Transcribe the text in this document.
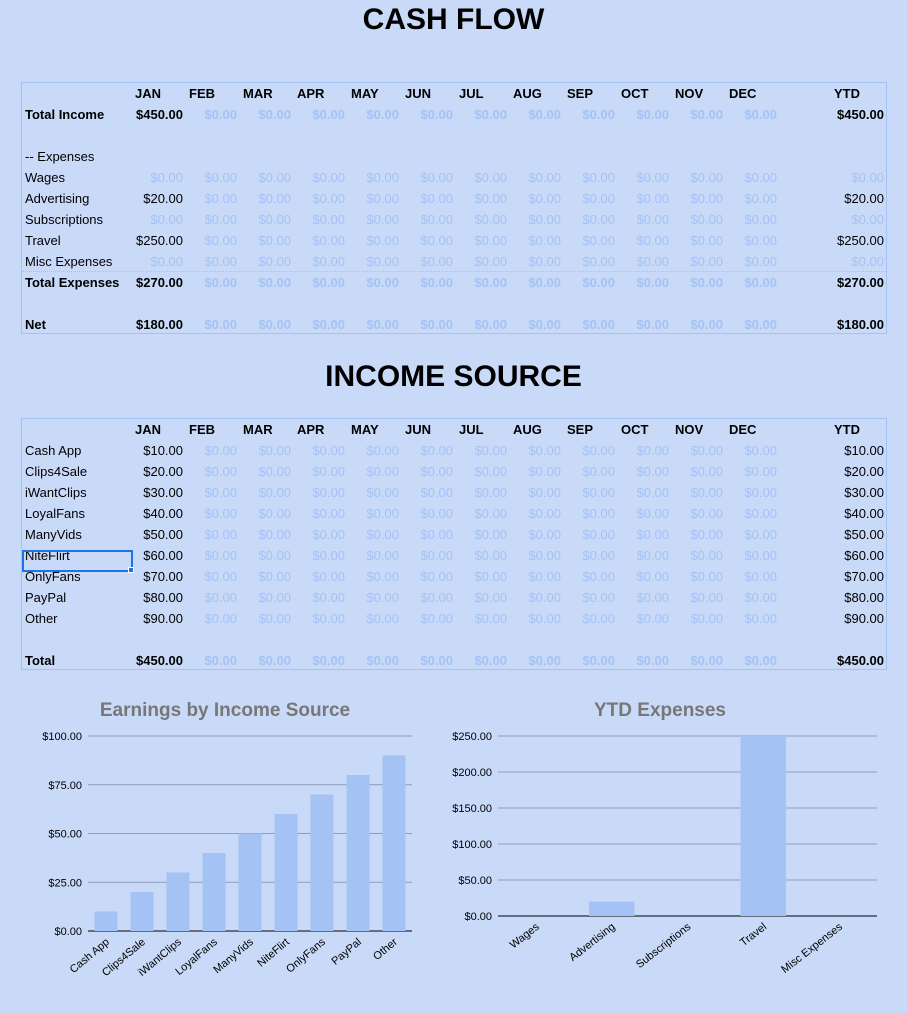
CASH FLOW
JAN	FEB	MAR	APR	MAY	JUN	JUL	AUG	SEP	OCT	NOV	DEC	YTD
Total Income	$450.00	$0.00	$0.00	$0.00	$0.00	$0.00	$0.00	$0.00	$0.00	$0.00	$0.00	$0.00	$450.00
-- Expenses
Wages	$0.00	$0.00	$0.00	$0.00	$0.00	$0.00	$0.00	$0.00	$0.00	$0.00	$0.00	$0.00	$0.00
Advertising	$20.00	$0.00	$0.00	$0.00	$0.00	$0.00	$0.00	$0.00	$0.00	$0.00	$0.00	$0.00	$20.00
Subscriptions	$0.00	$0.00	$0.00	$0.00	$0.00	$0.00	$0.00	$0.00	$0.00	$0.00	$0.00	$0.00	$0.00
Travel	$250.00	$0.00	$0.00	$0.00	$0.00	$0.00	$0.00	$0.00	$0.00	$0.00	$0.00	$0.00	$250.00
Misc Expenses	$0.00	$0.00	$0.00	$0.00	$0.00	$0.00	$0.00	$0.00	$0.00	$0.00	$0.00	$0.00	$0.00
Total Expenses	$270.00	$0.00	$0.00	$0.00	$0.00	$0.00	$0.00	$0.00	$0.00	$0.00	$0.00	$0.00	$270.00
Net	$180.00	$0.00	$0.00	$0.00	$0.00	$0.00	$0.00	$0.00	$0.00	$0.00	$0.00	$0.00	$180.00
INCOME SOURCE
JAN	FEB	MAR	APR	MAY	JUN	JUL	AUG	SEP	OCT	NOV	DEC	YTD
Cash App	$10.00	$0.00	$0.00	$0.00	$0.00	$0.00	$0.00	$0.00	$0.00	$0.00	$0.00	$0.00	$10.00
Clips4Sale	$20.00	$0.00	$0.00	$0.00	$0.00	$0.00	$0.00	$0.00	$0.00	$0.00	$0.00	$0.00	$20.00
iWantClips	$30.00	$0.00	$0.00	$0.00	$0.00	$0.00	$0.00	$0.00	$0.00	$0.00	$0.00	$0.00	$30.00
LoyalFans	$40.00	$0.00	$0.00	$0.00	$0.00	$0.00	$0.00	$0.00	$0.00	$0.00	$0.00	$0.00	$40.00
ManyVids	$50.00	$0.00	$0.00	$0.00	$0.00	$0.00	$0.00	$0.00	$0.00	$0.00	$0.00	$0.00	$50.00
NiteFlirt	$60.00	$0.00	$0.00	$0.00	$0.00	$0.00	$0.00	$0.00	$0.00	$0.00	$0.00	$0.00	$60.00
OnlyFans	$70.00	$0.00	$0.00	$0.00	$0.00	$0.00	$0.00	$0.00	$0.00	$0.00	$0.00	$0.00	$70.00
PayPal	$80.00	$0.00	$0.00	$0.00	$0.00	$0.00	$0.00	$0.00	$0.00	$0.00	$0.00	$0.00	$80.00
Other	$90.00	$0.00	$0.00	$0.00	$0.00	$0.00	$0.00	$0.00	$0.00	$0.00	$0.00	$0.00	$90.00
Total	$450.00	$0.00	$0.00	$0.00	$0.00	$0.00	$0.00	$0.00	$0.00	$0.00	$0.00	$0.00	$450.00
Earnings by Income Source
$0.00
$25.00
$50.00
$75.00
$100.00
Cash App
Clips4Sale
iWantClips
LoyalFans
ManyVids NiteFlirt
OnlyFans PayPal Other
YTD Expenses
$0.00
$50.00
$100.00
$150.00
$200.00
$250.00
Wages Advertising Subscriptions	Travel Misc Expenses
